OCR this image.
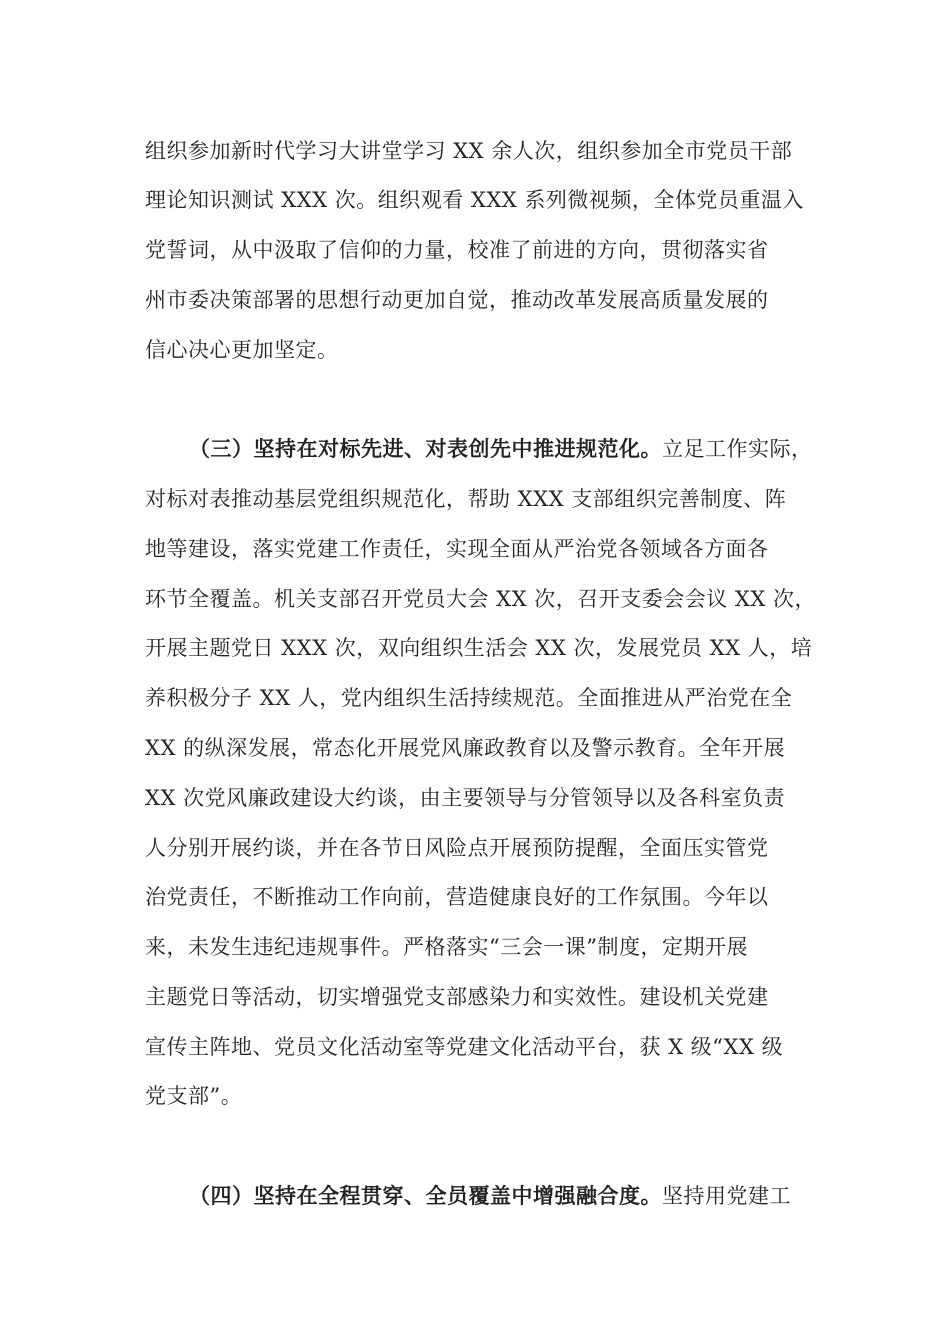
组织参加新时代学习大讲堂学习 XX 余人次，组织参加全市党员干部
理论知识测试 XXX 次。组织观看 XXX 系列微视频，全体党员重温入
党誓词，从中汲取了信仰的力量，校准了前进的方向，贯彻落实省
州市委决策部署的思想行动更加自觉，推动改革发展高质量发展的
信心决心更加坚定。
（三）坚持在对标先进、对表创先中推进规范化。立足工作实际，
对标对表推动基层党组织规范化，帮助 XXX 支部组织完善制度、阵
地等建设，落实党建工作责任，实现全面从严治党各领域各方面各
环节全覆盖。机关支部召开党员大会 XX 次，召开支委会会议 XX 次，
开展主题党日 XXX 次，双向组织生活会 XX 次，发展党员 XX 人，培
养积极分子 XX 人，党内组织生活持续规范。全面推进从严治党在全
XX 的纵深发展，常态化开展党风廉政教育以及警示教育。全年开展
XX 次党风廉政建设大约谈，由主要领导与分管领导以及各科室负责
人分别开展约谈，并在各节日风险点开展预防提醒，全面压实管党
治党责任，不断推动工作向前，营造健康良好的工作氛围。今年以
来，未发生违纪违规事件。严格落实“三会一课”制度，定期开展
主题党日等活动，切实增强党支部感染力和实效性。建设机关党建
宣传主阵地、党员文化活动室等党建文化活动平台，获 X 级“XX 级
党支部”。
（四）坚持在全程贯穿、全员覆盖中增强融合度。坚持用党建工
